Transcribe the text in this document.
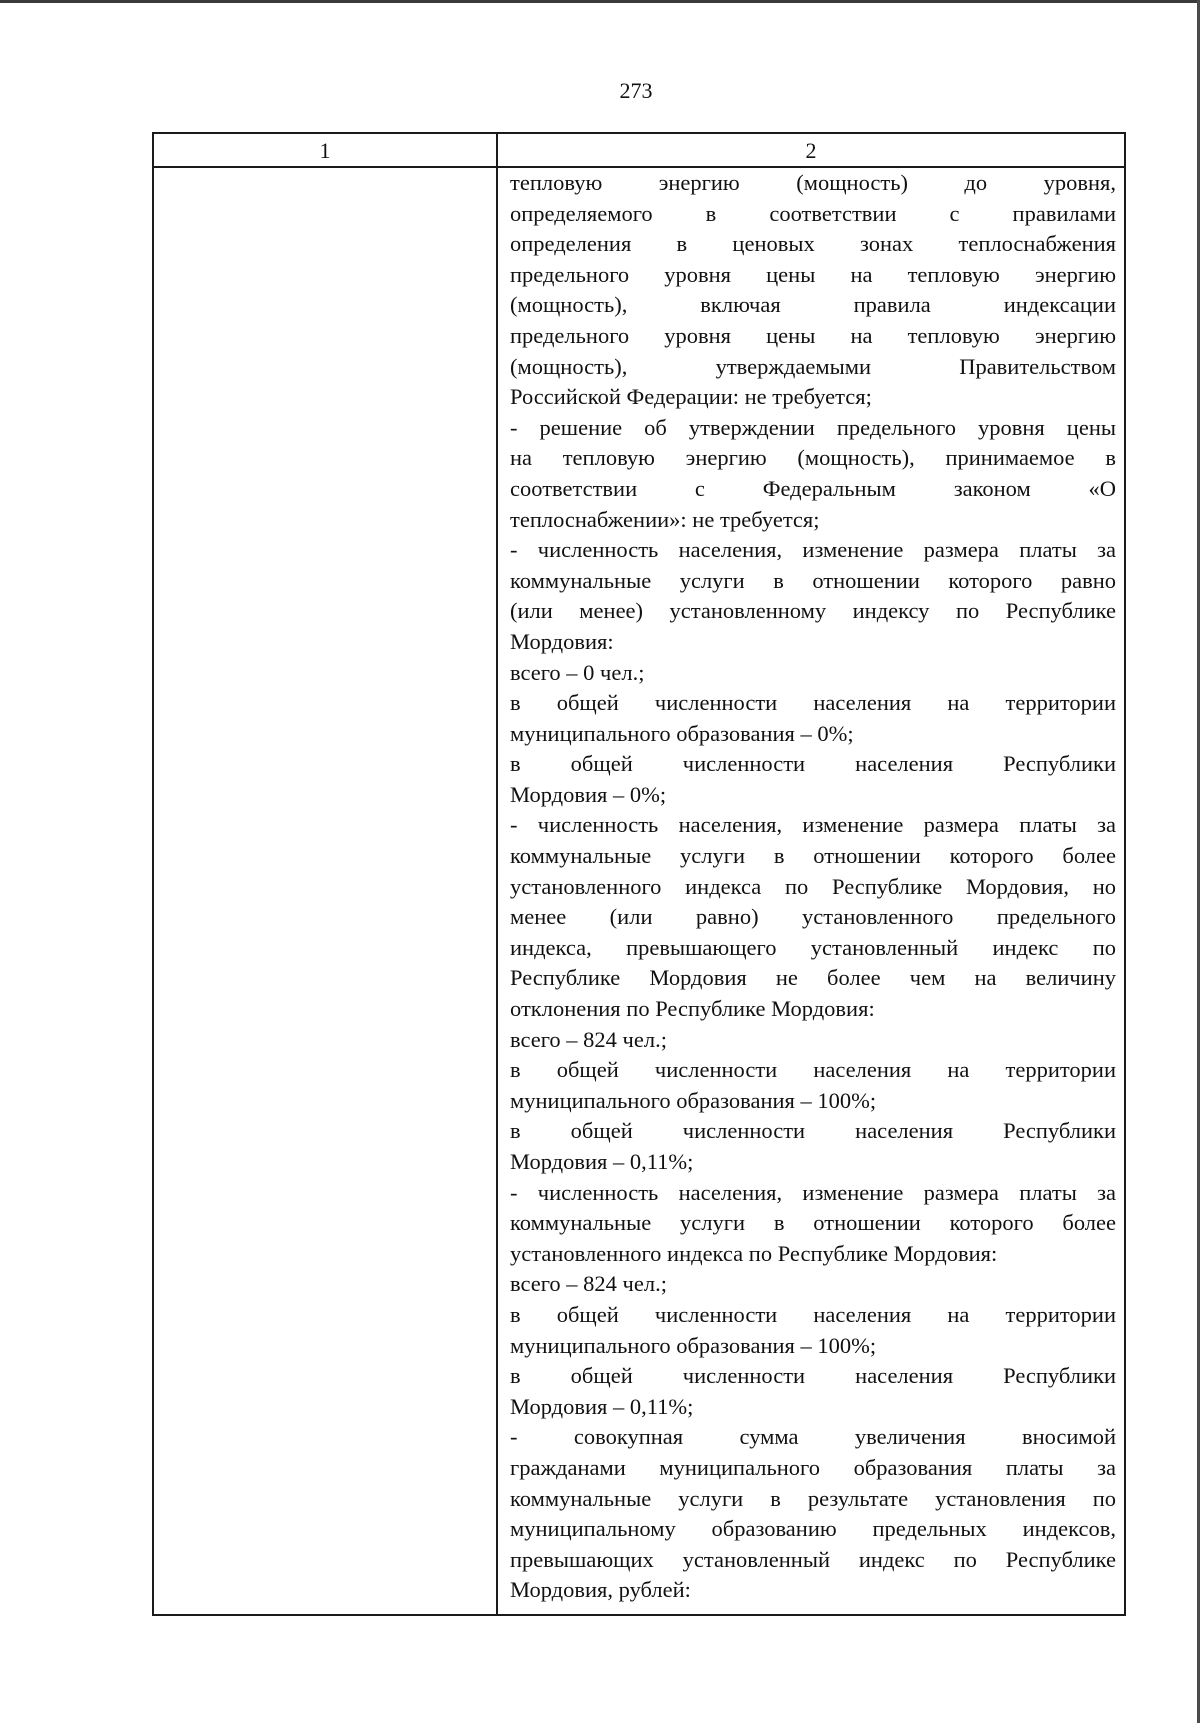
273
1	2
тепловую энергию (мощность) до уровня,
определяемого в соответствии с правилами
определения в ценовых зонах теплоснабжения
предельного уровня цены на тепловую энергию
(мощность), включая правила индексации
предельного уровня цены на тепловую энергию
(мощность), утверждаемыми Правительством
Российской Федерации: не требуется;
- решение об утверждении предельного уровня цены
на тепловую энергию (мощность), принимаемое в
соответствии с Федеральным законом «О
теплоснабжении»: не требуется;
- численность населения, изменение размера платы за
коммунальные услуги в отношении которого равно
(или менее) установленному индексу по Республике
Мордовия:
всего – 0 чел.;
в общей численности населения на территории
муниципального образования – 0%;
в общей численности населения Республики
Мордовия – 0%;
- численность населения, изменение размера платы за
коммунальные услуги в отношении которого более
установленного индекса по Республике Мордовия, но
менее (или равно) установленного предельного
индекса, превышающего установленный индекс по
Республике Мордовия не более чем на величину
отклонения по Республике Мордовия:
всего – 824 чел.;
в общей численности населения на территории
муниципального образования – 100%;
в общей численности населения Республики
Мордовия – 0,11%;
- численность населения, изменение размера платы за
коммунальные услуги в отношении которого более
установленного индекса по Республике Мордовия:
всего – 824 чел.;
в общей численности населения на территории
муниципального образования – 100%;
в общей численности населения Республики
Мордовия – 0,11%;
- совокупная сумма увеличения вносимой
гражданами муниципального образования платы за
коммунальные услуги в результате установления по
муниципальному образованию предельных индексов,
превышающих установленный индекс по Республике
Мордовия, рублей:
